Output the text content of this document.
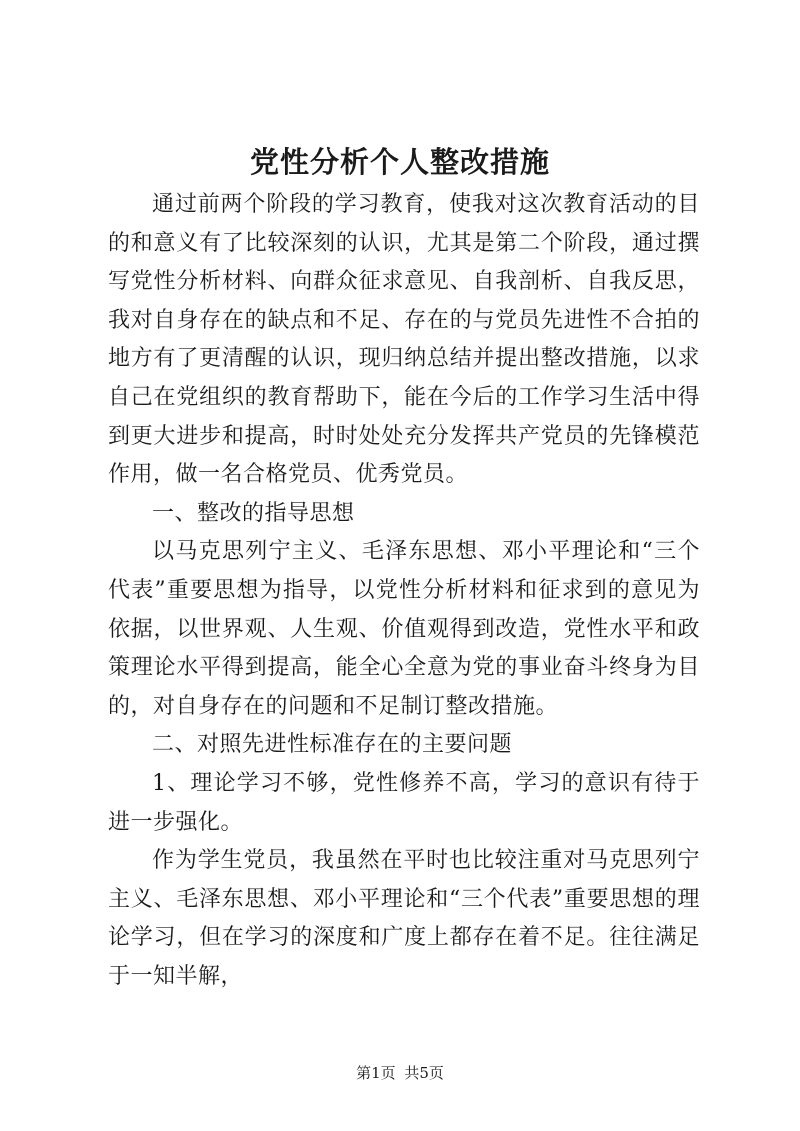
党性分析个人整改措施

通过前两个阶段的学习教育，使我对这次教育活动的目的和意义有了比较深刻的认识，尤其是第二个阶段，通过撰写党性分析材料、向群众征求意见、自我剖析、自我反思，我对自身存在的缺点和不足、存在的与党员先进性不合拍的地方有了更清醒的认识，现归纳总结并提出整改措施，以求自己在党组织的教育帮助下，能在今后的工作学习生活中得到更大进步和提高，时时处处充分发挥共产党员的先锋模范作用，做一名合格党员、优秀党员。

一、整改的指导思想

以马克思列宁主义、毛泽东思想、邓小平理论和“三个代表”重要思想为指导，以党性分析材料和征求到的意见为依据，以世界观、人生观、价值观得到改造，党性水平和政策理论水平得到提高，能全心全意为党的事业奋斗终身为目的，对自身存在的问题和不足制订整改措施。

二、对照先进性标准存在的主要问题

1、理论学习不够，党性修养不高，学习的意识有待于进一步强化。

作为学生党员，我虽然在平时也比较注重对马克思列宁主义、毛泽东思想、邓小平理论和“三个代表”重要思想的理论学习，但在学习的深度和广度上都存在着不足。往往满足于一知半解，

第1页 共5页
